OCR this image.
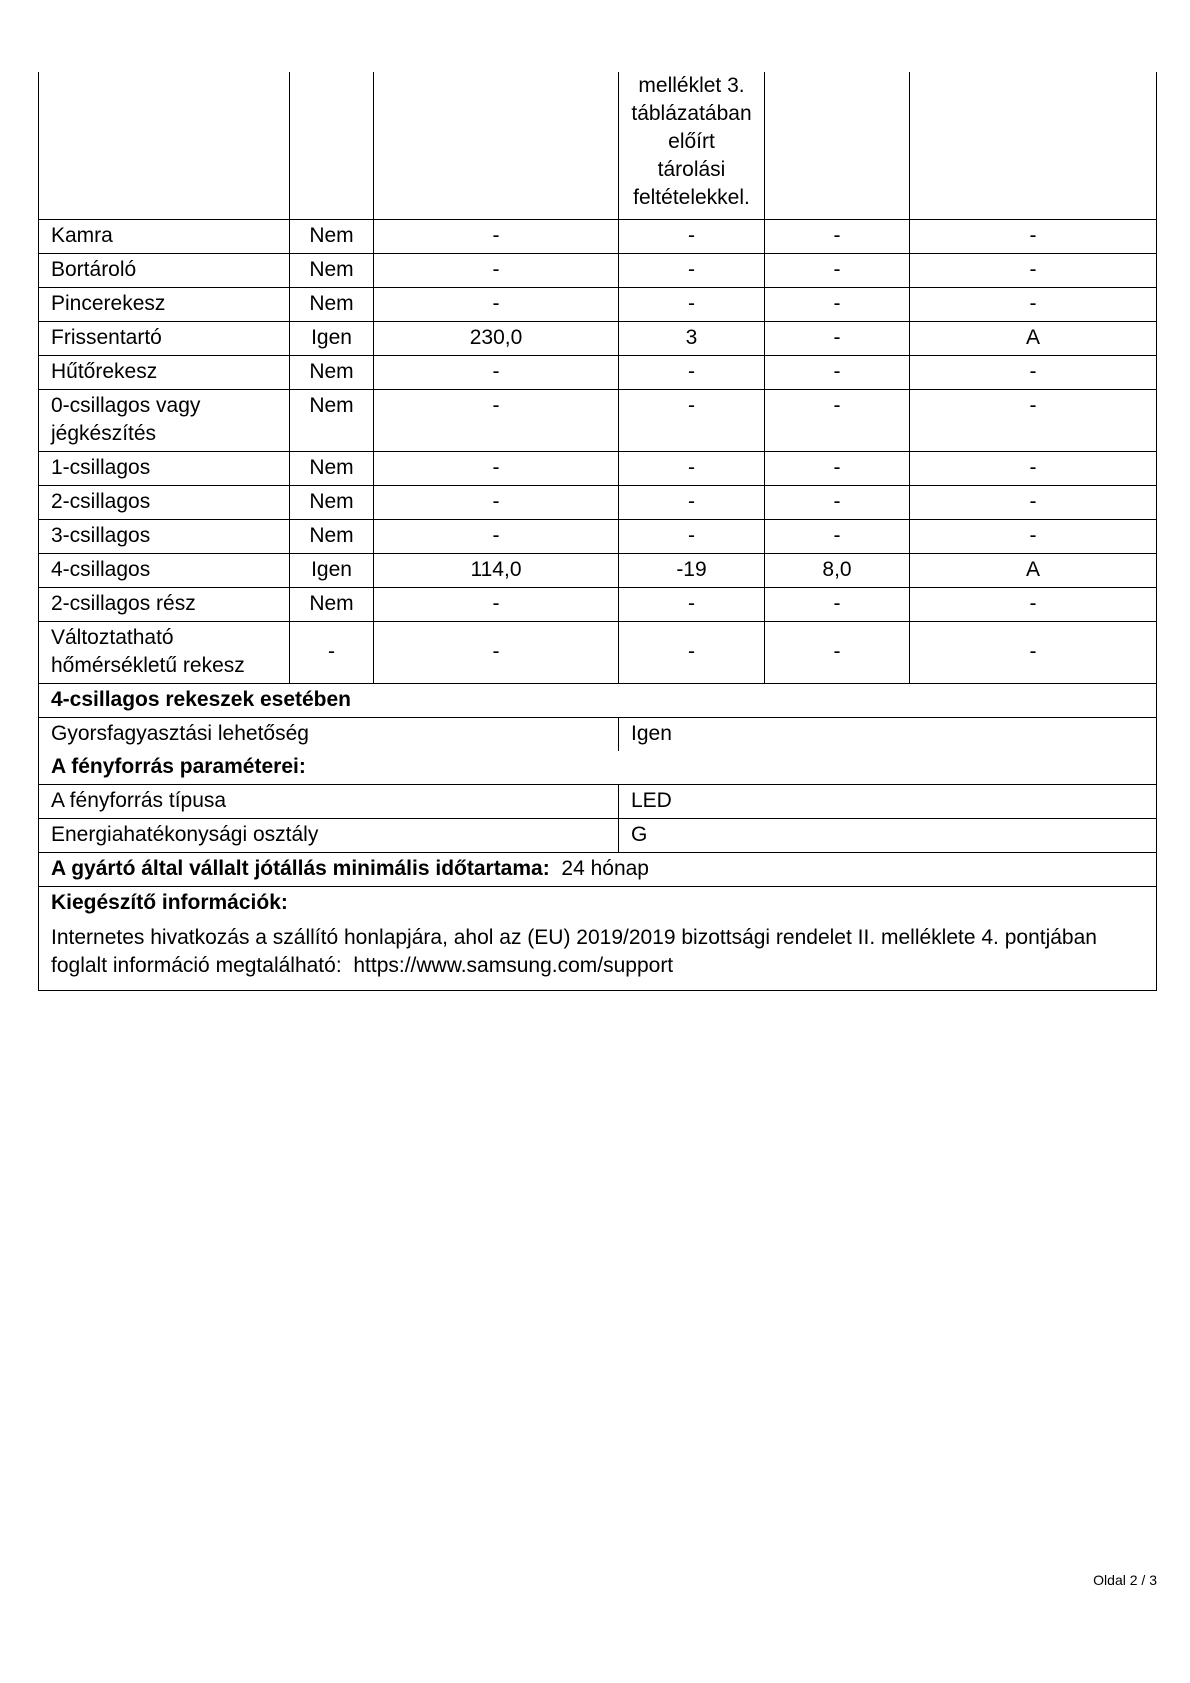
			melléklet 3.
táblázatában
előírt
tárolási
feltételekkel.		

Kamra	Nem	-	-	-	-

Bortároló	Nem	-	-	-	-

Pincerekesz	Nem	-	-	-	-

Frissentartó	Igen	230,0	3	-	A

Hűtőrekesz	Nem	-	-	-	-

0-csillagos vagy
jégkészítés	Nem	-	-	-	-

1-csillagos	Nem	-	-	-	-

2-csillagos	Nem	-	-	-	-

3-csillagos	Nem	-	-	-	-

4-csillagos	Igen	114,0	-19	8,0	A

2-csillagos rész	Nem	-	-	-	-

Változtatható
hőmérsékletű rekesz	-	-	-	-	-
4-csillagos rekeszek esetében					
Gyorsfagyasztási lehetőség			Igen		
A fényforrás paraméterei:					
A fényforrás típusa			LED		
Energiahatékonysági osztály			G		
A gyártó által vállalt jótállás minimális időtartama: 24 hónap					
Kiegészítő információk:					

Internetes hivatkozás a szállító honlapjára, ahol az (EU) 2019/2019 bizottsági rendelet II. melléklete 4. pontjában
foglalt információ megtalálható: https://www.samsung.com/support					
Oldal 2 / 3
